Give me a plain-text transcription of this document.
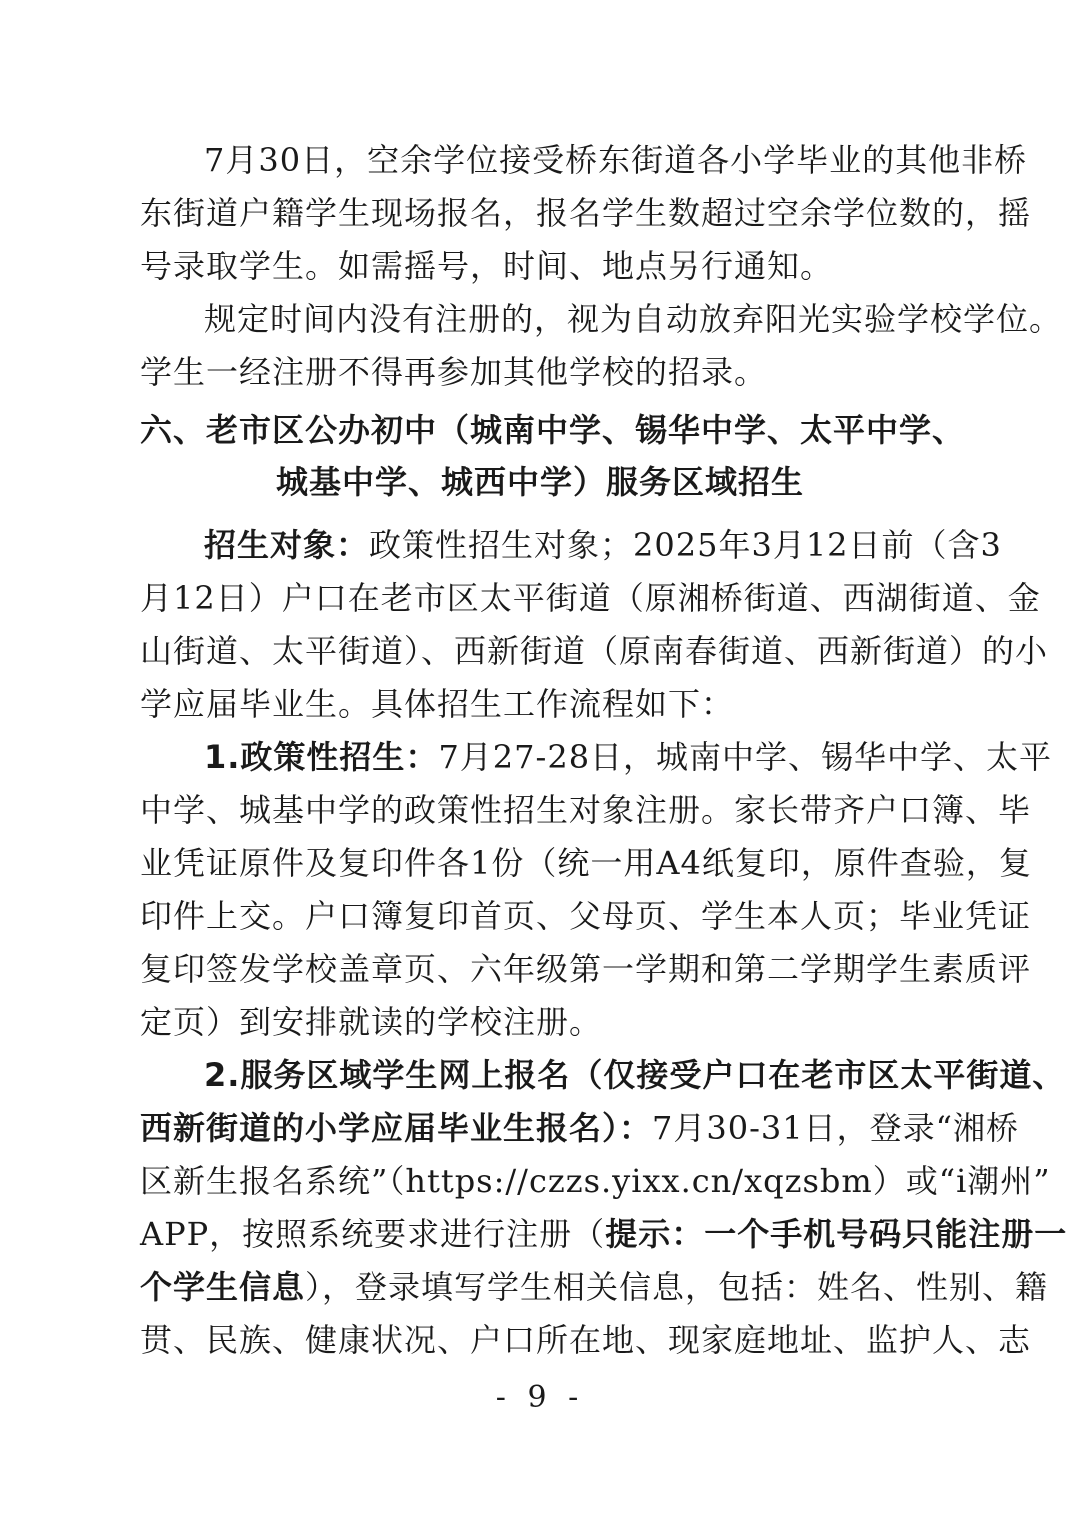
7月30日，空余学位接受桥东街道各小学毕业的其他非桥
东街道户籍学生现场报名，报名学生数超过空余学位数的，摇
号录取学生。如需摇号，时间、地点另行通知。
规定时间内没有注册的，视为自动放弃阳光实验学校学位。
学生一经注册不得再参加其他学校的招录。
六、老市区公办初中（城南中学、锡华中学、太平中学、
城基中学、城西中学）服务区域招生
招生对象：政策性招生对象；2025年3月12日前（含3
月12日）户口在老市区太平街道（原湘桥街道、西湖街道、金
山街道、太平街道）、西新街道（原南春街道、西新街道）的小
学应届毕业生。具体招生工作流程如下：
1.政策性招生：7月27-28日，城南中学、锡华中学、太平
中学、城基中学的政策性招生对象注册。家长带齐户口簿、毕
业凭证原件及复印件各1份（统一用A4纸复印，原件查验，复
印件上交。户口簿复印首页、父母页、学生本人页；毕业凭证
复印签发学校盖章页、六年级第一学期和第二学期学生素质评
定页）到安排就读的学校注册。
2.服务区域学生网上报名（仅接受户口在老市区太平街道、
西新街道的小学应届毕业生报名）：7月30-31日，登录“湘桥
区新生报名系统”（https://czzs.yixx.cn/xqzsbm）或“i潮州”
APP，按照系统要求进行注册（提示：一个手机号码只能注册一
个学生信息），登录填写学生相关信息，包括：姓名、性别、籍
贯、民族、健康状况、户口所在地、现家庭地址、监护人、志
- 9 -
